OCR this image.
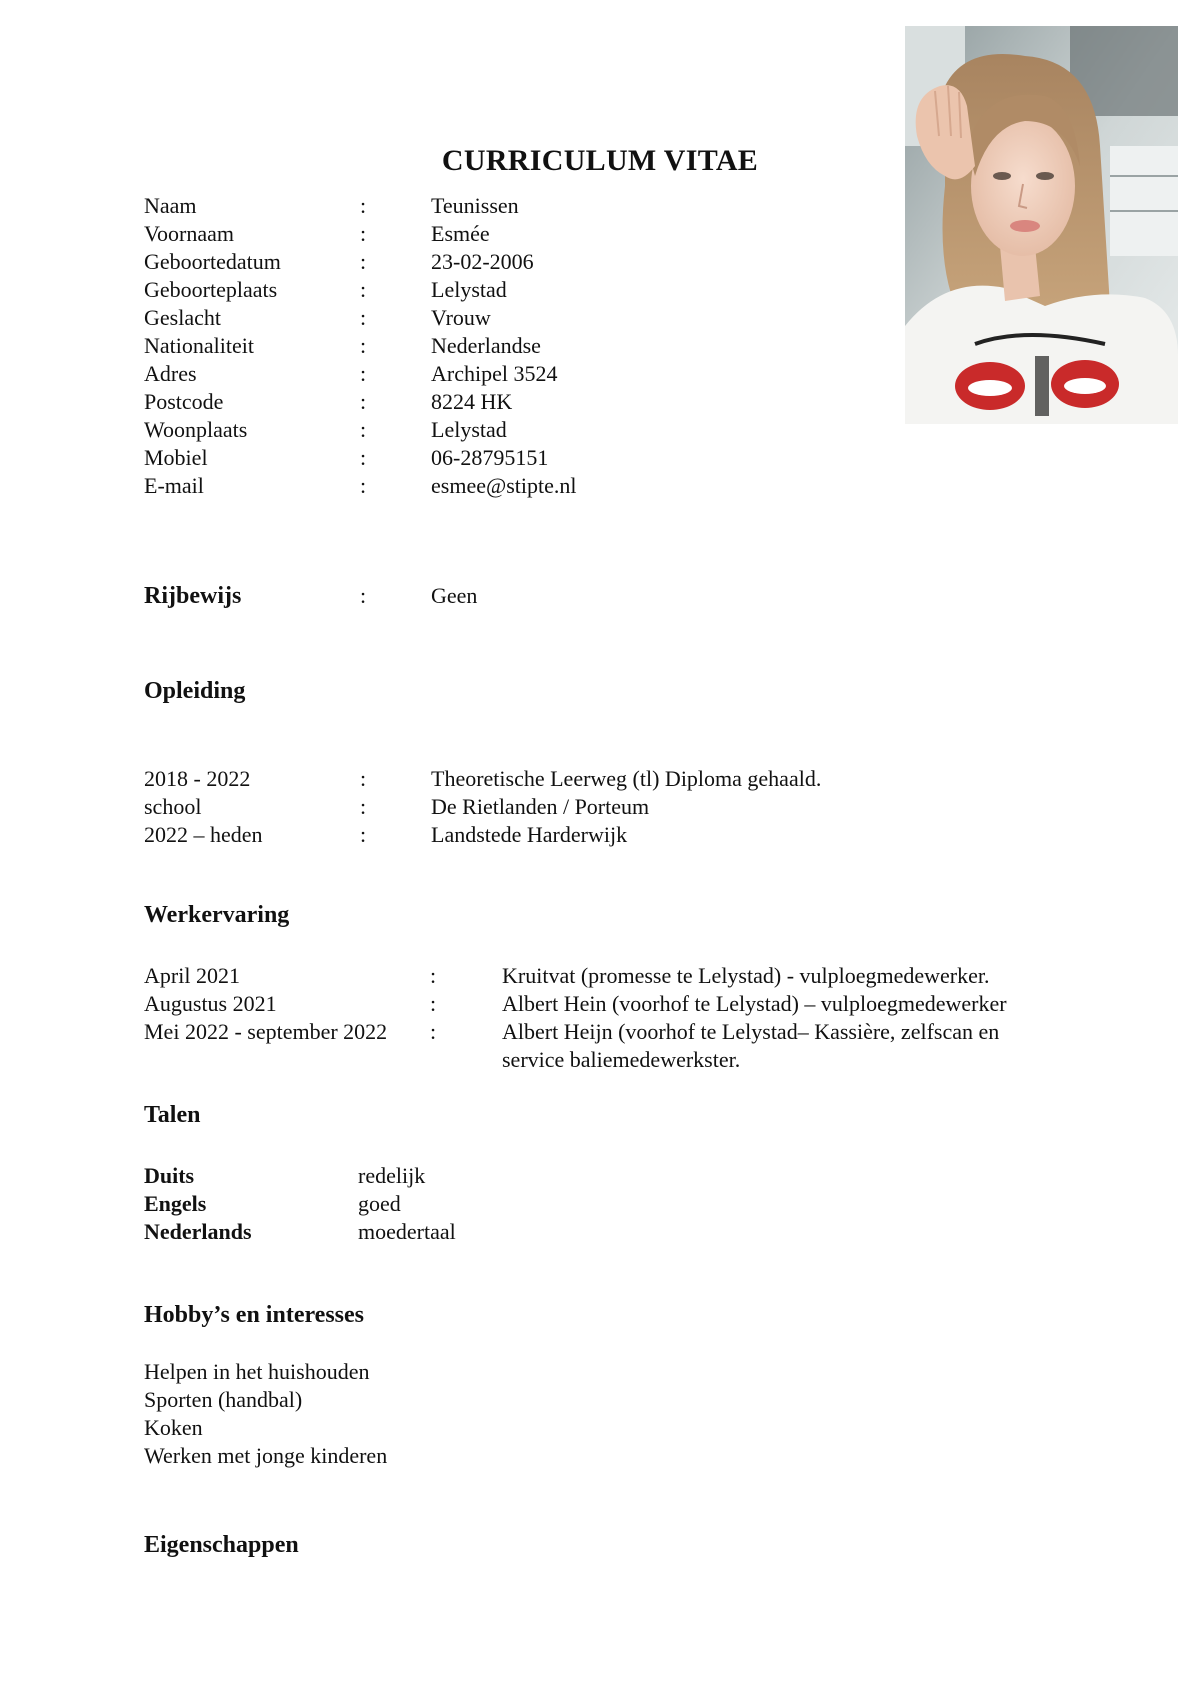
CURRICULUM VITAE
Naam	:	Teunissen
Voornaam	:	Esmée
Geboortedatum	:	23-02-2006
Geboorteplaats	:	Lelystad
Geslacht	:	Vrouw
Nationaliteit	:	Nederlandse
Adres	:	Archipel 3524
Postcode	:	8224 HK
Woonplaats	:	Lelystad
Mobiel	:	06-28795151
E-mail	:	esmee@stipte.nl
Rijbewijs	:	Geen
Opleiding
2018 - 2022	:	Theoretische Leerweg (tl) Diploma gehaald.
school	:	De Rietlanden / Porteum
2022 – heden	:	Landstede Harderwijk
Werkervaring
April 2021	:	Kruitvat (promesse te Lelystad) - vulploegmedewerker.
Augustus 2021	:	Albert Hein (voorhof te Lelystad) – vulploegmedewerker
Mei 2022 - september 2022 :	Albert Heijn (voorhof te Lelystad– Kassière, zelfscan en
service baliemedewerkster.
Talen
Duits	redelijk
Engels	goed
Nederlands	moedertaal
Hobby’s en interesses
Helpen in het huishouden
Sporten (handbal)
Koken
Werken met jonge kinderen
Eigenschappen
